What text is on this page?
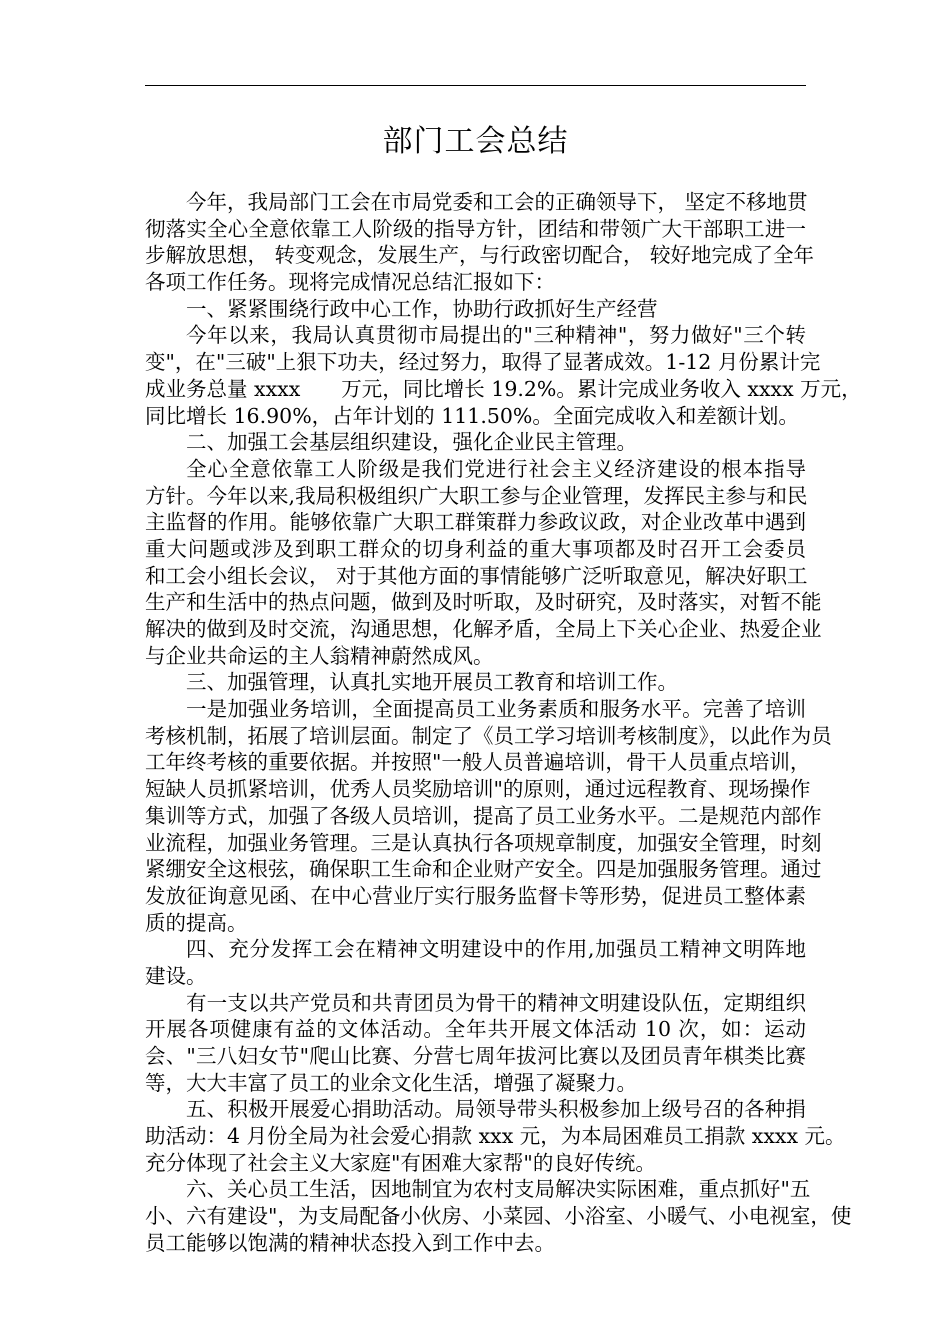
部门工会总结
今年，我局部门工会在市局党委和工会的正确领导下， 坚定不移地贯
彻落实全心全意依靠工人阶级的指导方针，团结和带领广大干部职工进一
步解放思想， 转变观念，发展生产，与行政密切配合， 较好地完成了全年
各项工作任务。现将完成情况总结汇报如下：
一、紧紧围绕行政中心工作，协助行政抓好生产经营
今年以来，我局认真贯彻市局提出的"三种精神"，努力做好"三个转
变"，在"三破"上狠下功夫，经过努力，取得了显著成效。1-12 月份累计完
成业务总量 xxxx　　万元，同比增长 19.2%。累计完成业务收入 xxxx 万元，
同比增长 16.90%，占年计划的 111.50%。全面完成收入和差额计划。
二、加强工会基层组织建设，强化企业民主管理。
全心全意依靠工人阶级是我们党进行社会主义经济建设的根本指导
方针。今年以来,我局积极组织广大职工参与企业管理，发挥民主参与和民
主监督的作用。能够依靠广大职工群策群力参政议政，对企业改革中遇到
重大问题或涉及到职工群众的切身利益的重大事项都及时召开工会委员
和工会小组长会议， 对于其他方面的事情能够广泛听取意见，解决好职工
生产和生活中的热点问题，做到及时听取，及时研究，及时落实，对暂不能
解决的做到及时交流，沟通思想，化解矛盾，全局上下关心企业、热爱企业
与企业共命运的主人翁精神蔚然成风。
三、加强管理，认真扎实地开展员工教育和培训工作。
一是加强业务培训，全面提高员工业务素质和服务水平。完善了培训
考核机制，拓展了培训层面。制定了《员工学习培训考核制度》，以此作为员
工年终考核的重要依据。并按照"一般人员普遍培训，骨干人员重点培训，
短缺人员抓紧培训，优秀人员奖励培训"的原则，通过远程教育、现场操作
集训等方式，加强了各级人员培训，提高了员工业务水平。二是规范内部作
业流程，加强业务管理。三是认真执行各项规章制度，加强安全管理，时刻
紧绷安全这根弦，确保职工生命和企业财产安全。四是加强服务管理。通过
发放征询意见函、在中心营业厅实行服务监督卡等形势，促进员工整体素
质的提高。
四、充分发挥工会在精神文明建设中的作用,加强员工精神文明阵地
建设。
有一支以共产党员和共青团员为骨干的精神文明建设队伍，定期组织
开展各项健康有益的文体活动。全年共开展文体活动 10 次，如：运动
会、"三八妇女节"爬山比赛、分营七周年拔河比赛以及团员青年棋类比赛
等，大大丰富了员工的业余文化生活，增强了凝聚力。
五、积极开展爱心捐助活动。局领导带头积极参加上级号召的各种捐
助活动：4 月份全局为社会爱心捐款 xxx 元，为本局困难员工捐款 xxxx 元。
充分体现了社会主义大家庭"有困难大家帮"的良好传统。
六、关心员工生活，因地制宜为农村支局解决实际困难，重点抓好"五
小、六有建设"，为支局配备小伙房、小菜园、小浴室、小暖气、小电视室，使
员工能够以饱满的精神状态投入到工作中去。
